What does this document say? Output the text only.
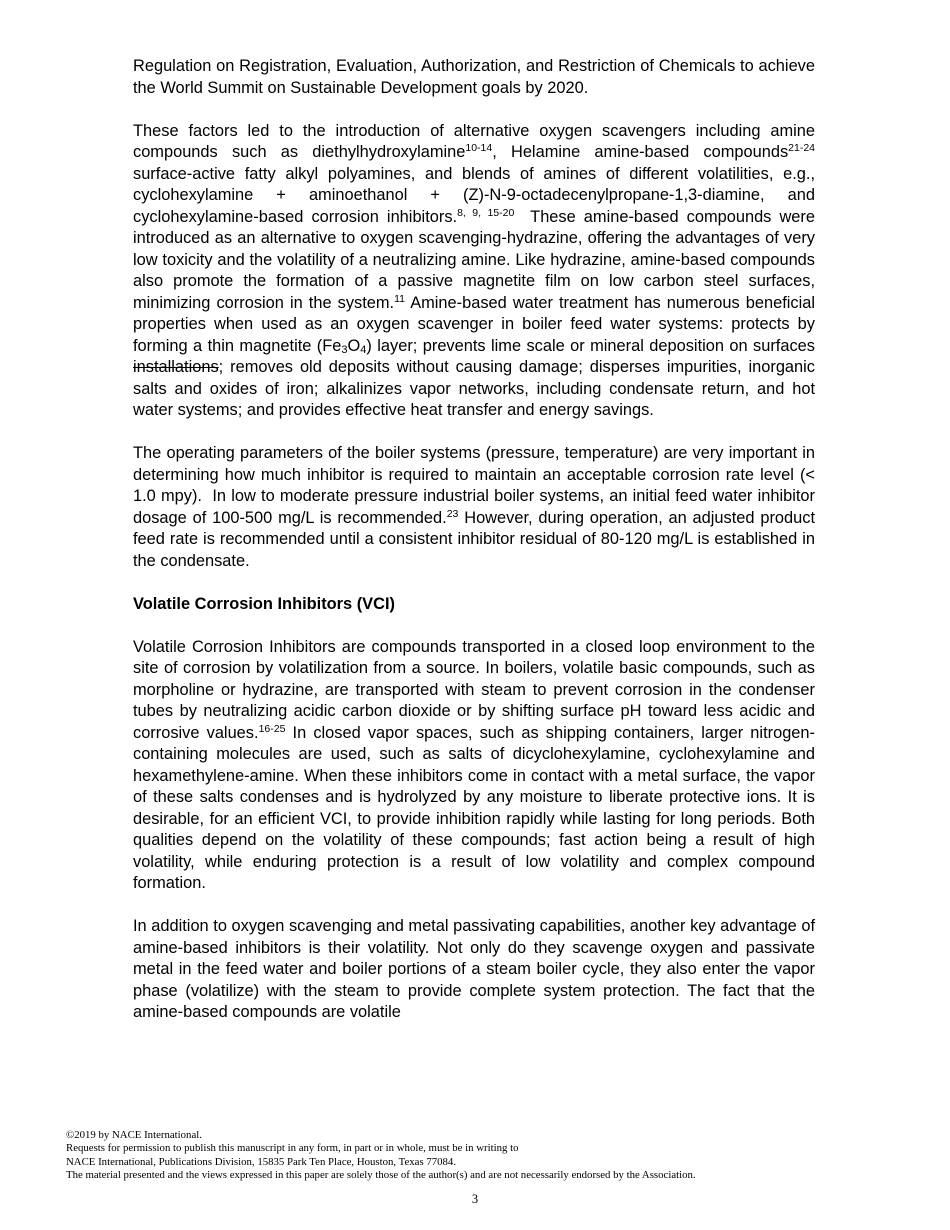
Regulation on Registration, Evaluation, Authorization, and Restriction of Chemicals to achieve the World Summit on Sustainable Development goals by 2020.

These factors led to the introduction of alternative oxygen scavengers including amine compounds such as diethylhydroxylamine$^{10-14}$, Helamine amine-based compounds$^{21-24}$ surface-active fatty alkyl polyamines, and blends of amines of different volatilities, e.g., cyclohexylamine + aminoethanol + (Z)-N-9-octadecenylpropane-1,3-diamine, and cyclohexylamine-based corrosion inhibitors.$^{8, 9, 15-20}$  These amine-based compounds were introduced as an alternative to oxygen scavenging-hydrazine, offering the advantages of very low toxicity and the volatility of a neutralizing amine. Like hydrazine, amine-based compounds also promote the formation of a passive magnetite film on low carbon steel surfaces, minimizing corrosion in the system.$^{11}$ Amine-based water treatment has numerous beneficial properties when used as an oxygen scavenger in boiler feed water systems: protects by forming a thin magnetite $(Fe_3O_4)$ layer; prevents lime scale or mineral deposition on surfaces installations; removes old deposits without causing damage; disperses impurities, inorganic salts and oxides of iron; alkalinizes vapor networks, including condensate return, and hot water systems; and provides effective heat transfer and energy savings.

The operating parameters of the boiler systems (pressure, temperature) are very important in determining how much inhibitor is required to maintain an acceptable corrosion rate level (< 1.0 mpy).  In low to moderate pressure industrial boiler systems, an initial feed water inhibitor dosage of 100-500 mg/L is recommended.$^{23}$ However, during operation, an adjusted product feed rate is recommended until a consistent inhibitor residual of 80-120 mg/L is established in the condensate.

Volatile Corrosion Inhibitors (VCI)

Volatile Corrosion Inhibitors are compounds transported in a closed loop environment to the site of corrosion by volatilization from a source. In boilers, volatile basic compounds, such as morpholine or hydrazine, are transported with steam to prevent corrosion in the condenser tubes by neutralizing acidic carbon dioxide or by shifting surface pH toward less acidic and corrosive values.$^{16-25}$ In closed vapor spaces, such as shipping containers, larger nitrogen-containing molecules are used, such as salts of dicyclohexylamine, cyclohexylamine and hexamethylene-amine. When these inhibitors come in contact with a metal surface, the vapor of these salts condenses and is hydrolyzed by any moisture to liberate protective ions. It is desirable, for an efficient VCI, to provide inhibition rapidly while lasting for long periods. Both qualities depend on the volatility of these compounds; fast action being a result of high volatility, while enduring protection is a result of low volatility and complex compound formation.

In addition to oxygen scavenging and metal passivating capabilities, another key advantage of amine-based inhibitors is their volatility. Not only do they scavenge oxygen and passivate metal in the feed water and boiler portions of a steam boiler cycle, they also enter the vapor phase (volatilize) with the steam to provide complete system protection. The fact that the amine-based compounds are volatile

©2019 by NACE International.
Requests for permission to publish this manuscript in any form, in part or in whole, must be in writing to
NACE International, Publications Division, 15835 Park Ten Place, Houston, Texas 77084.
The material presented and the views expressed in this paper are solely those of the author(s) and are not necessarily endorsed by the Association.
3
